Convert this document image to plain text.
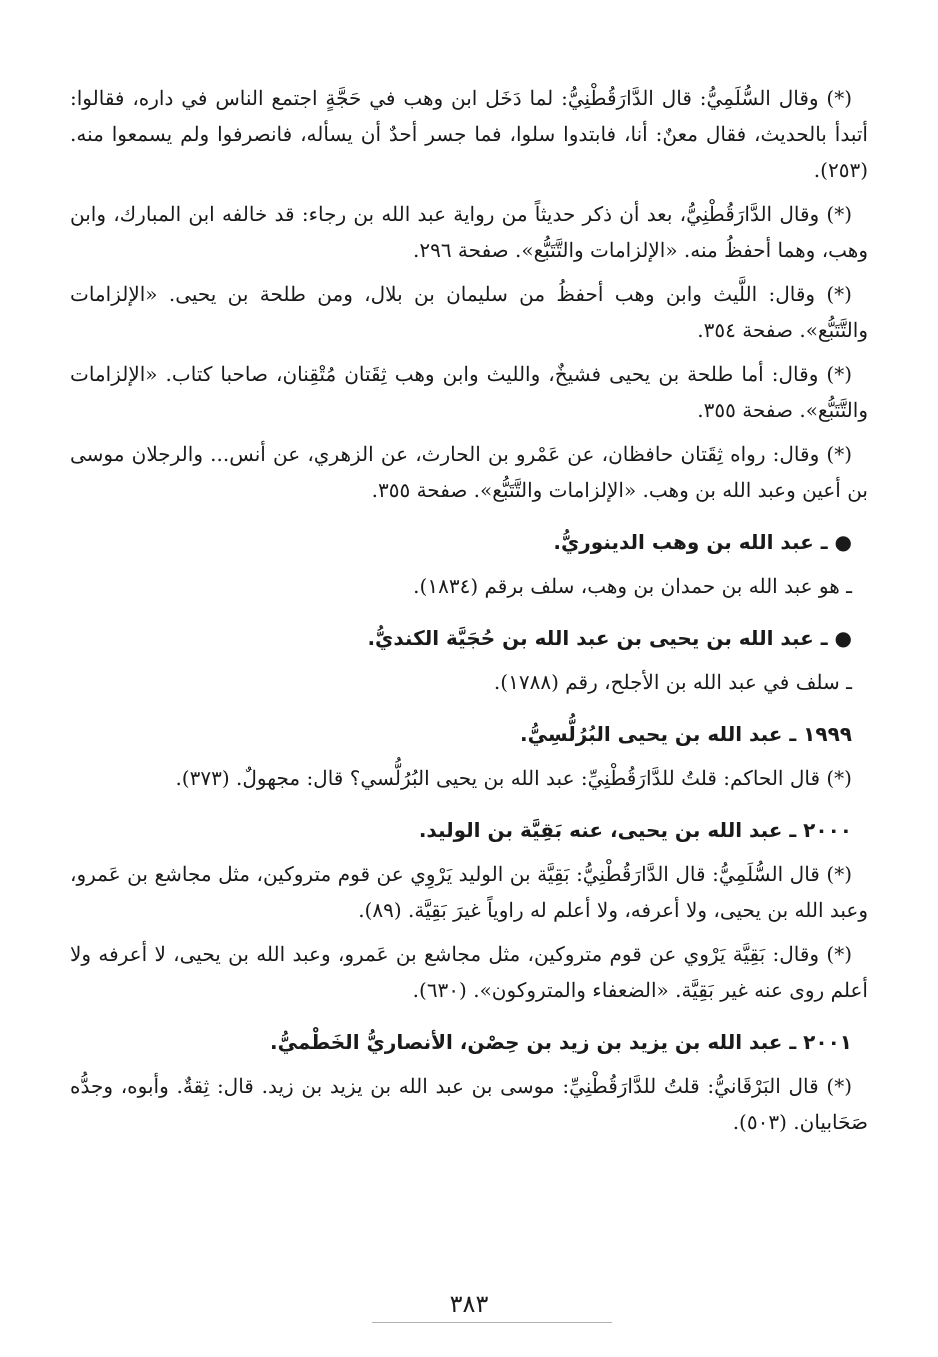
(*) وقال السُّلَمِيُّ: قال الدَّارَقُطْنِيُّ: لما دَخَل ابن وهب في حَجَّةٍ اجتمع الناس في داره، فقالوا: أتبدأ بالحديث، فقال معنٌ: أنا، فابتدوا سلوا، فما جسر أحدٌ أن يسأله، فانصرفوا ولم يسمعوا منه. (٢٥٣).
(*) وقال الدَّارَقُطْنِيُّ، بعد أن ذكر حديثاً من رواية عبد الله بن رجاء: قد خالفه ابن المبارك، وابن وهب، وهما أحفظُ منه. «الإلزامات والتَّتَبُّع». صفحة ٢٩٦.
(*) وقال: اللَّيث وابن وهب أحفظُ من سليمان بن بلال، ومن طلحة بن يحيى. «الإلزامات والتَّتَبُّع». صفحة ٣٥٤.
(*) وقال: أما طلحة بن يحيى فشيخٌ، والليث وابن وهب ثِقَتان مُتْقِنان، صاحبا كتاب. «الإلزامات والتَّتَبُّع». صفحة ٣٥٥.
(*) وقال: رواه ثِقَتان حافظان، عن عَمْرو بن الحارث، عن الزهري، عن أنس... والرجلان موسى بن أعين وعبد الله بن وهب. «الإلزامات والتَّتَبُّع». صفحة ٣٥٥.
● ـ عبد الله بن وهب الدينوريُّ.
ـ هو عبد الله بن حمدان بن وهب، سلف برقم (١٨٣٤).
● ـ عبد الله بن يحيى بن عبد الله بن حُجَيَّة الكنديُّ.
ـ سلف في عبد الله بن الأجلح، رقم (١٧٨٨).
١٩٩٩ ـ عبد الله بن يحيى البُرُلُّسِيُّ.
(*) قال الحاكم: قلتُ للدَّارَقُطْنِيِّ: عبد الله بن يحيى البُرُلُّسي؟ قال: مجهولٌ. (٣٧٣).
٢٠٠٠ ـ عبد الله بن يحيى، عنه بَقِيَّة بن الوليد.
(*) قال السُّلَمِيُّ: قال الدَّارَقُطْنِيُّ: بَقِيَّة بن الوليد يَرْوِي عن قوم متروكين، مثل مجاشع بن عَمرو، وعبد الله بن يحيى، ولا أعرفه، ولا أعلم له راوياً غيرَ بَقِيَّة. (٨٩).
(*) وقال: بَقِيَّة يَرْوي عن قوم متروكين، مثل مجاشع بن عَمرو، وعبد الله بن يحيى، لا أعرفه ولا أعلم روى عنه غير بَقِيَّة. «الضعفاء والمتروكون». (٦٣٠).
٢٠٠١ ـ عبد الله بن يزيد بن زيد بن حِصْن، الأنصاريُّ الخَطْميُّ.
(*) قال البَرْقَانيُّ: قلتُ للدَّارَقُطْنِيِّ: موسى بن عبد الله بن يزيد بن زيد. قال: ثِقةٌ. وأبوه، وجدُّه صَحَابيان. (٥٠٣).
٣٨٣
